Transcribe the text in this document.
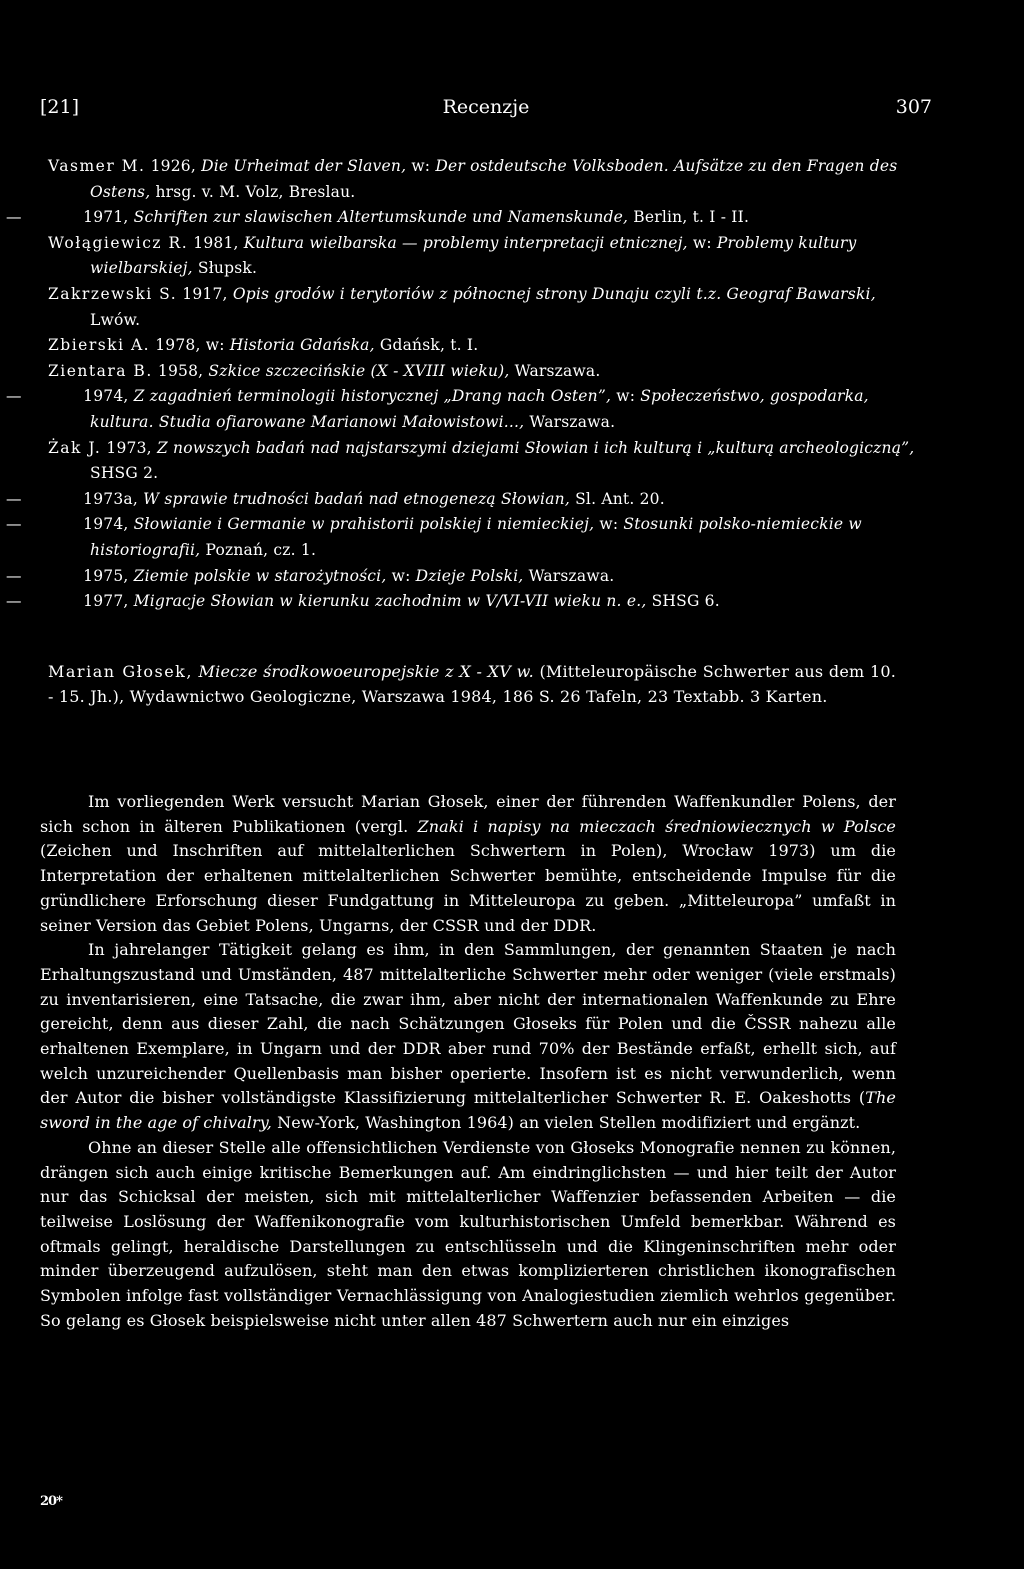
[21]	Recenzje	307

Vasmer M. 1926, Die Urheimat der Slaven, w: Der ostdeutsche Volksboden. Aufsätze zu den Fragen des Ostens, hrsg. v. M. Volz, Breslau.

—	1971, Schriften zur slawischen Altertumskunde und Namenskunde, Berlin, t. I - II.

Wołągiewicz R. 1981, Kultura wielbarska — problemy interpretacji etnicznej, w: Problemy kultury wielbarskiej, Słupsk.

Zakrzewski S. 1917, Opis grodów i terytoriów z północnej strony Dunaju czyli t.z. Geograf Bawarski, Lwów.

Zbierski A. 1978, w: Historia Gdańska, Gdańsk, t. I.

Zientara B. 1958, Szkice szczecińskie (X - XVIII wieku), Warszawa.

—	1974, Z zagadnień terminologii historycznej „Drang nach Osten”, w: Społeczeństwo, gospodarka, kultura. Studia ofiarowane Marianowi Małowistowi..., Warszawa.

Żak J. 1973, Z nowszych badań nad najstarszymi dziejami Słowian i ich kulturą i „kulturą archeologiczną”, SHSG 2.

—	1973a, W sprawie trudności badań nad etnogenezą Słowian, Sl. Ant. 20.

—	1974, Słowianie i Germanie w prahistorii polskiej i niemieckiej, w: Stosunki polsko-niemieckie w historiografii, Poznań, cz. 1.

—	1975, Ziemie polskie w starożytności, w: Dzieje Polski, Warszawa.

—	1977, Migracje Słowian w kierunku zachodnim w V/VI-VII wieku n. e., SHSG 6.

Marian Głosek, Miecze środkowoeuropejskie z X - XV w. (Mitteleuropäische Schwerter aus dem 10. - 15. Jh.), Wydawnictwo Geologiczne, Warszawa 1984, 186 S. 26 Tafeln, 23 Textabb. 3 Karten.

Im vorliegenden Werk versucht Marian Głosek, einer der führenden Waffenkundler Polens, der sich schon in älteren Publikationen (vergl. Znaki i napisy na mieczach średniowiecznych w Polsce (Zeichen und Inschriften auf mittelalterlichen Schwertern in Polen), Wrocław 1973) um die Interpretation der erhaltenen mittelalterlichen Schwerter bemühte, entscheidende Impulse für die gründlichere Erforschung dieser Fundgattung in Mitteleuropa zu geben. „Mitteleuropa” umfaßt in seiner Version das Gebiet Polens, Ungarns, der CSSR und der DDR.

In jahrelanger Tätigkeit gelang es ihm, in den Sammlungen, der genannten Staaten je nach Erhaltungszustand und Umständen, 487 mittelalterliche Schwerter mehr oder weniger (viele erstmals) zu inventarisieren, eine Tatsache, die zwar ihm, aber nicht der internationalen Waffenkunde zu Ehre gereicht, denn aus dieser Zahl, die nach Schätzungen Głoseks für Polen und die ČSSR nahezu alle erhaltenen Exemplare, in Ungarn und der DDR aber rund 70% der Bestände erfaßt, erhellt sich, auf welch unzureichender Quellenbasis man bisher operierte. Insofern ist es nicht verwunderlich, wenn der Autor die bisher vollständigste Klassifizierung mittelalterlicher Schwerter R. E. Oakeshotts (The sword in the age of chivalry, New-York, Washington 1964) an vielen Stellen modifiziert und ergänzt.

Ohne an dieser Stelle alle offensichtlichen Verdienste von Głoseks Monografie nennen zu können, drängen sich auch einige kritische Bemerkungen auf. Am eindringlichsten — und hier teilt der Autor nur das Schicksal der meisten, sich mit mittelalterlicher Waffenzier befassenden Arbeiten — die teilweise Loslösung der Waffenikonografie vom kulturhistorischen Umfeld bemerkbar. Während es oftmals gelingt, heraldische Darstellungen zu entschlüsseln und die Klingeninschriften mehr oder minder überzeugend aufzulösen, steht man den etwas komplizierteren christlichen ikonografischen Symbolen infolge fast vollständiger Vernachlässigung von Analogiestudien ziemlich wehrlos gegenüber. So gelang es Głosek beispielsweise nicht unter allen 487 Schwertern auch nur ein einziges

20*
